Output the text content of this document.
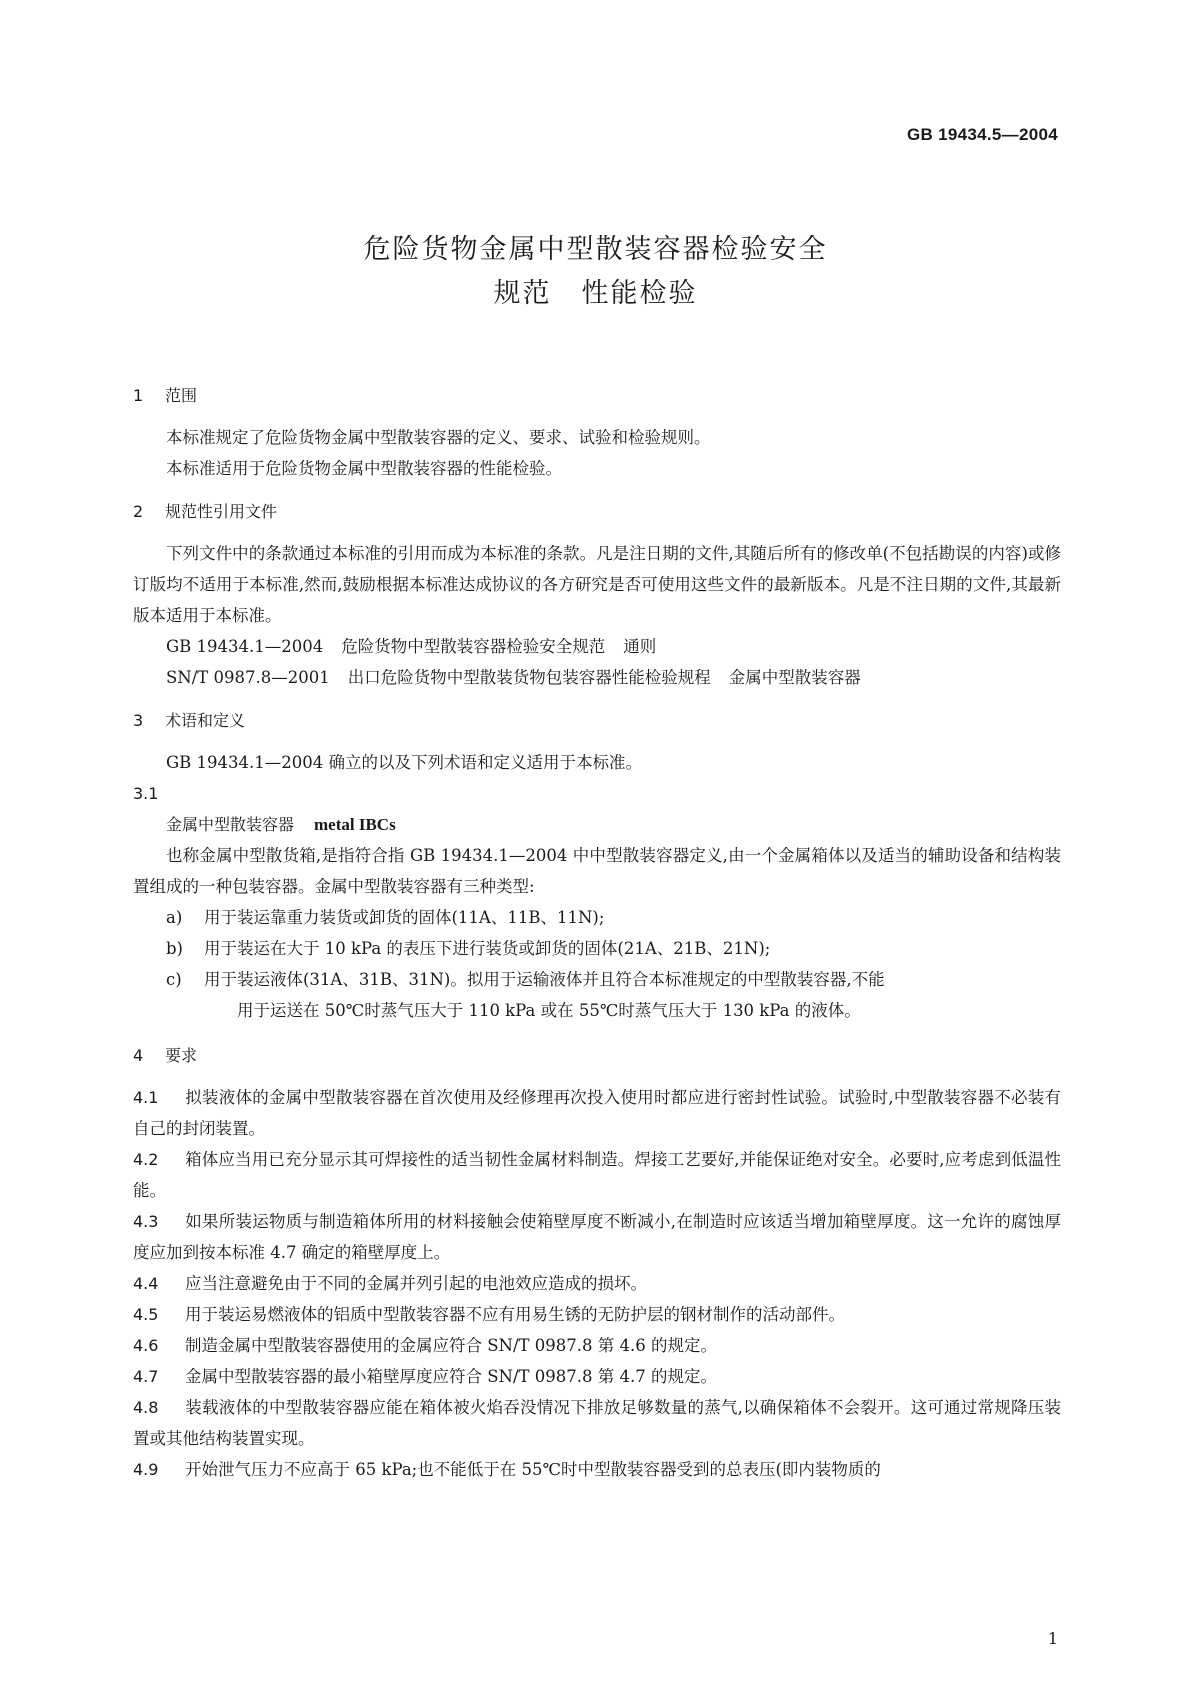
GB 19434.5—2004
危险货物金属中型散装容器检验安全
规范 性能检验
1 范围
本标准规定了危险货物金属中型散装容器的定义、要求、试验和检验规则。
本标准适用于危险货物金属中型散装容器的性能检验。
2 规范性引用文件
下列文件中的条款通过本标准的引用而成为本标准的条款。凡是注日期的文件,其随后所有的修改单(不包括勘误的内容)或修订版均不适用于本标准,然而,鼓励根据本标准达成协议的各方研究是否可使用这些文件的最新版本。凡是不注日期的文件,其最新版本适用于本标准。
GB 19434.1—2004 危险货物中型散装容器检验安全规范 通则
SN/T 0987.8—2001 出口危险货物中型散装货物包装容器性能检验规程 金属中型散装容器
3 术语和定义
GB 19434.1—2004 确立的以及下列术语和定义适用于本标准。
3.1
金属中型散装容器 metal IBCs
也称金属中型散货箱,是指符合指 GB 19434.1—2004 中中型散装容器定义,由一个金属箱体以及适当的辅助设备和结构装置组成的一种包装容器。金属中型散装容器有三种类型:
a) 用于装运靠重力装货或卸货的固体(11A、11B、11N);
b) 用于装运在大于 10 kPa 的表压下进行装货或卸货的固体(21A、21B、21N);
c) 用于装运液体(31A、31B、31N)。拟用于运输液体并且符合本标准规定的中型散装容器,不能
用于运送在 50℃时蒸气压大于 110 kPa 或在 55℃时蒸气压大于 130 kPa 的液体。
4 要求
4.1 拟装液体的金属中型散装容器在首次使用及经修理再次投入使用时都应进行密封性试验。试验时,中型散装容器不必装有自己的封闭装置。
4.2 箱体应当用已充分显示其可焊接性的适当韧性金属材料制造。焊接工艺要好,并能保证绝对安全。必要时,应考虑到低温性能。
4.3 如果所装运物质与制造箱体所用的材料接触会使箱壁厚度不断减小,在制造时应该适当增加箱壁厚度。这一允许的腐蚀厚度应加到按本标准 4.7 确定的箱壁厚度上。
4.4 应当注意避免由于不同的金属并列引起的电池效应造成的损坏。
4.5 用于装运易燃液体的铝质中型散装容器不应有用易生锈的无防护层的钢材制作的活动部件。
4.6 制造金属中型散装容器使用的金属应符合 SN/T 0987.8 第 4.6 的规定。
4.7 金属中型散装容器的最小箱壁厚度应符合 SN/T 0987.8 第 4.7 的规定。
4.8 装载液体的中型散装容器应能在箱体被火焰吞没情况下排放足够数量的蒸气,以确保箱体不会裂开。这可通过常规降压装置或其他结构装置实现。
4.9 开始泄气压力不应高于 65 kPa;也不能低于在 55℃时中型散装容器受到的总表压(即内装物质的
1
